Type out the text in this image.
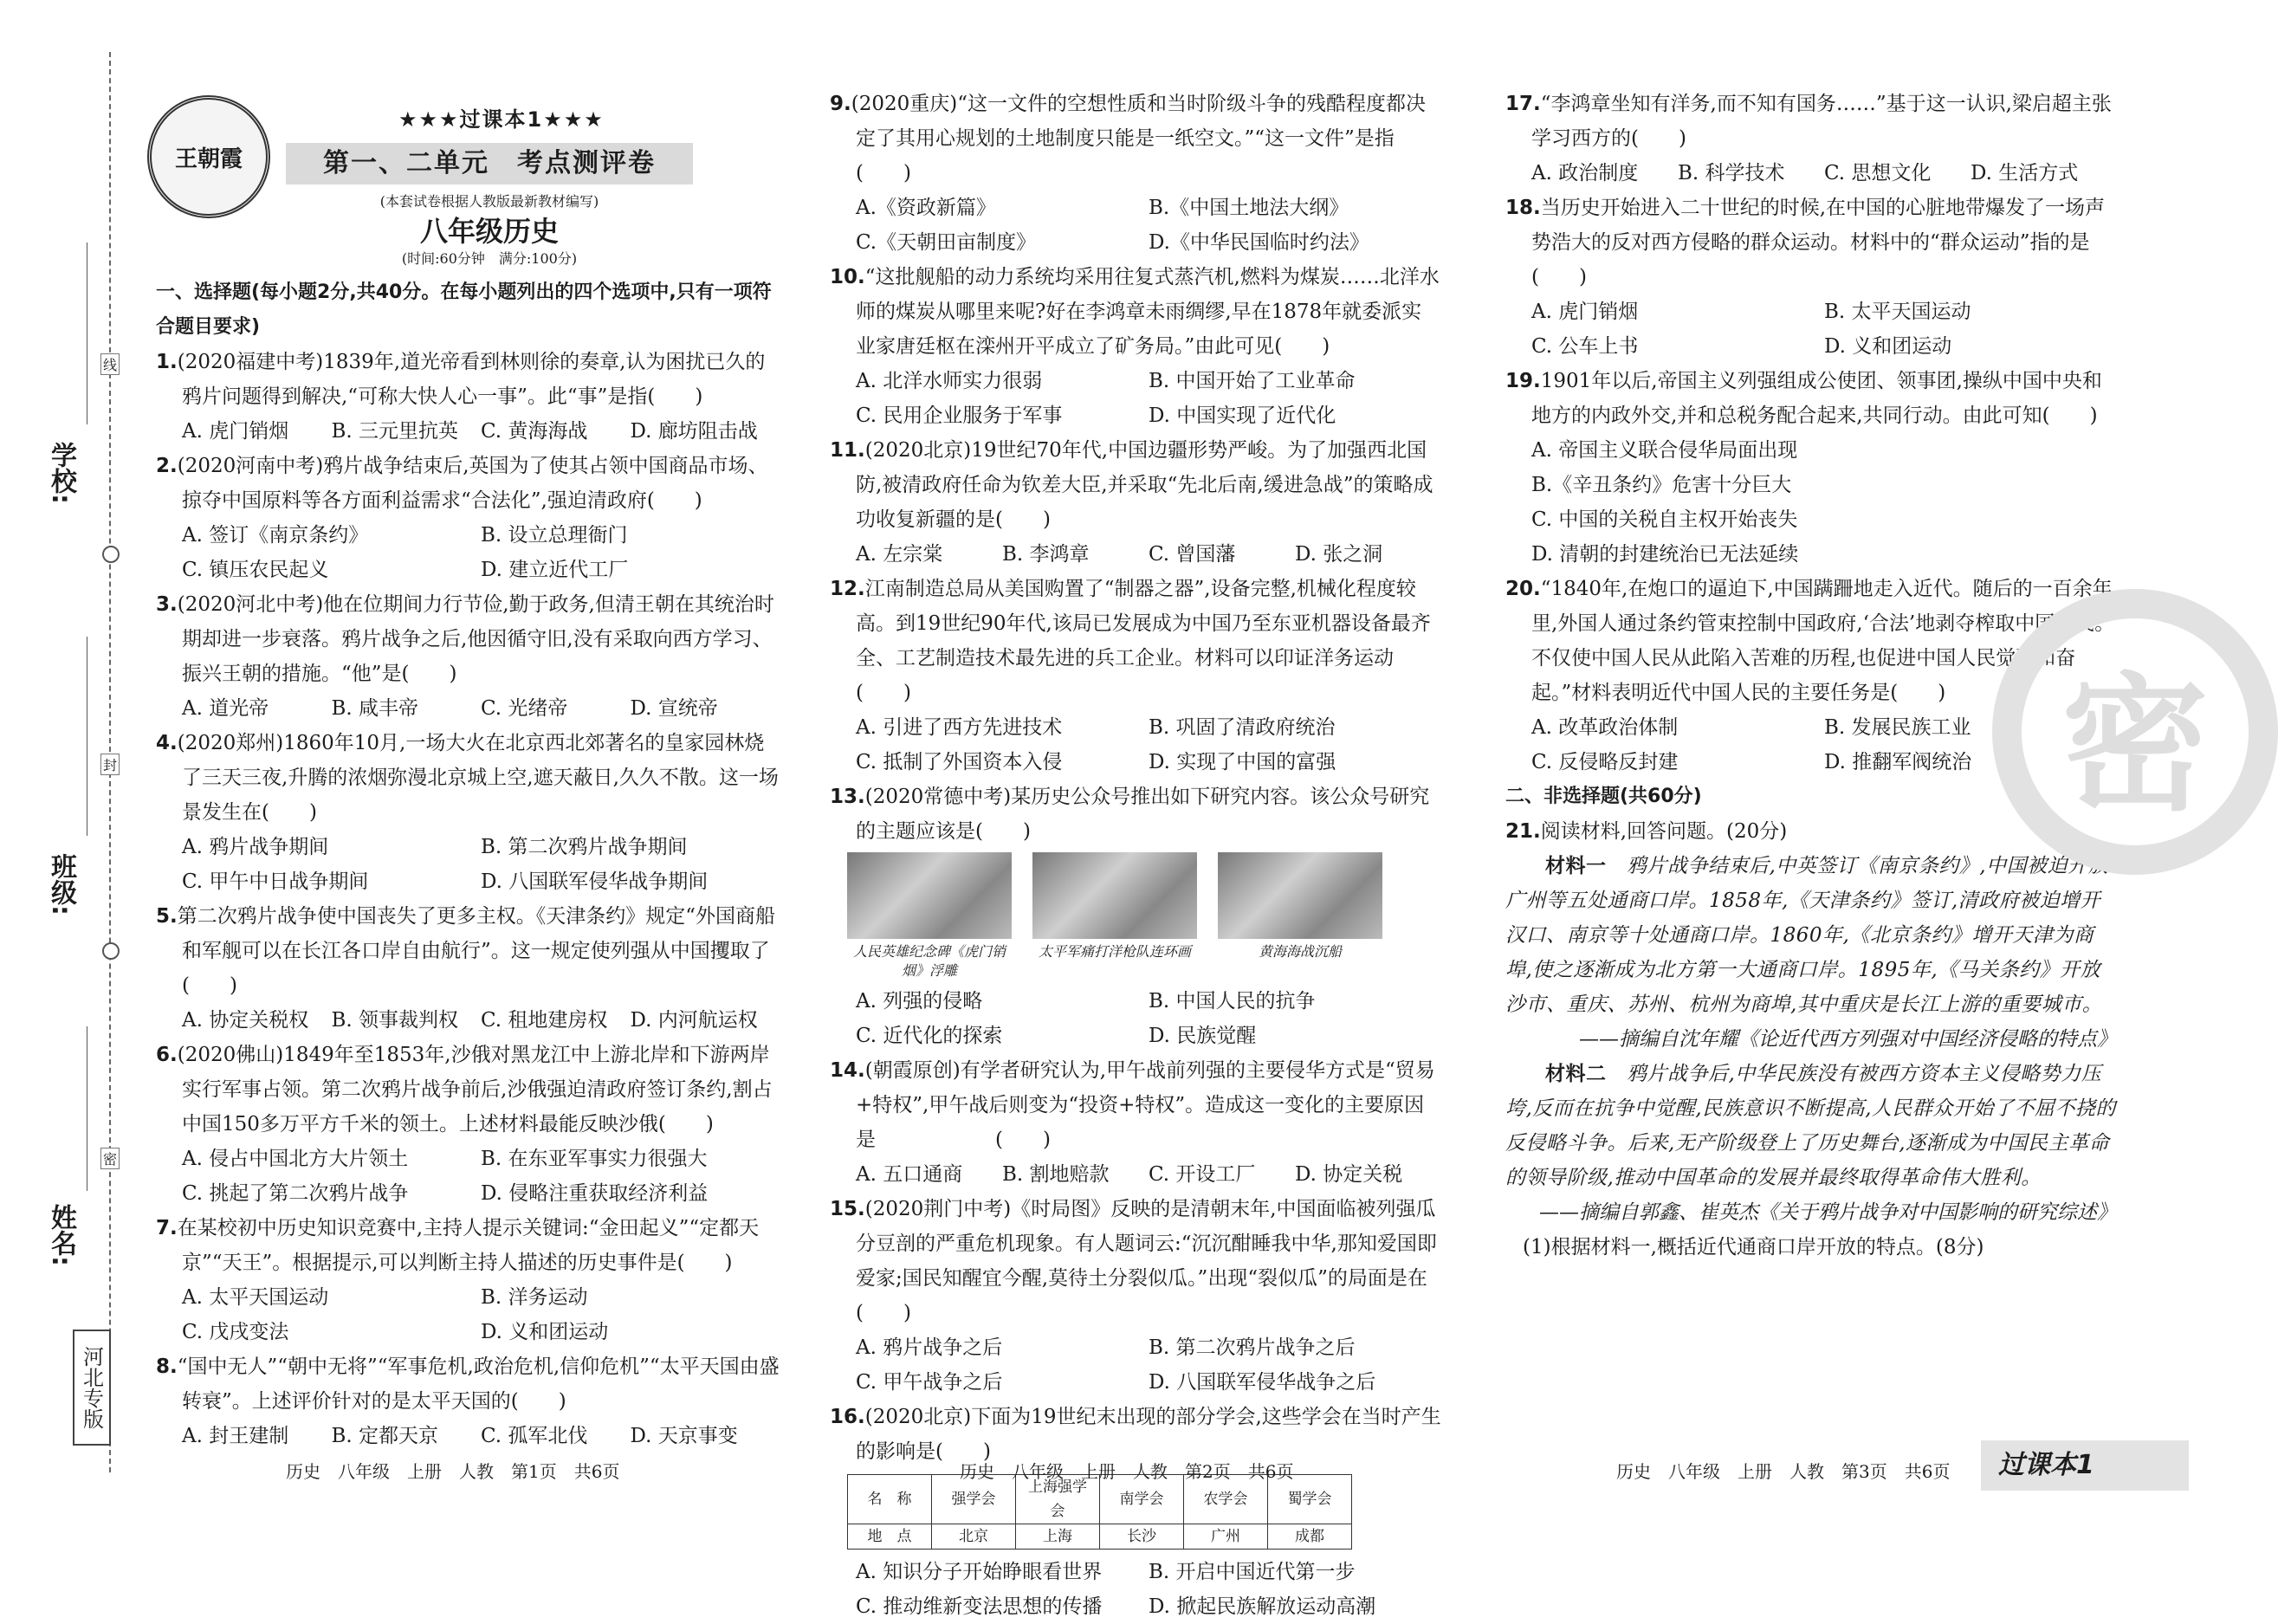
学校:
班级:
姓名:
线
封
密
河北专版
王朝霞
★★★过课本1★★★
第一、二单元　考点测评卷
(本套试卷根据人教版最新教材编写)
八年级历史
(时间:60分钟　满分:100分)

一、选择题(每小题2分,共40分。在每小题列出的四个选项中,只有一项符合题目要求)

1.(2020福建中考)1839年,道光帝看到林则徐的奏章,认为困扰已久的鸦片问题得到解决,“可称大快人心一事”。此“事”是指(　　)

A. 虎门销烟	B. 三元里抗英	C. 黄海海战	D. 廊坊阻击战

2.(2020河南中考)鸦片战争结束后,英国为了使其占领中国商品市场、掠夺中国原料等各方面利益需求“合法化”,强迫清政府(　　)

A. 签订《南京条约》	B. 设立总理衙门
C. 镇压农民起义	D. 建立近代工厂

3.(2020河北中考)他在位期间力行节俭,勤于政务,但清王朝在其统治时期却进一步衰落。鸦片战争之后,他因循守旧,没有采取向西方学习、振兴王朝的措施。“他”是(　　)

A. 道光帝	B. 咸丰帝	C. 光绪帝	D. 宣统帝

4.(2020郑州)1860年10月,一场大火在北京西北郊著名的皇家园林烧了三天三夜,升腾的浓烟弥漫北京城上空,遮天蔽日,久久不散。这一场景发生在(　　)

A. 鸦片战争期间	B. 第二次鸦片战争期间
C. 甲午中日战争期间	D. 八国联军侵华战争期间

5.第二次鸦片战争使中国丧失了更多主权。《天津条约》规定“外国商船和军舰可以在长江各口岸自由航行”。这一规定使列强从中国攫取了(　　)

A. 协定关税权	B. 领事裁判权	C. 租地建房权	D. 内河航运权

6.(2020佛山)1849年至1853年,沙俄对黑龙江中上游北岸和下游两岸实行军事占领。第二次鸦片战争前后,沙俄强迫清政府签订条约,割占中国150多万平方千米的领土。上述材料最能反映沙俄(　　)

A. 侵占中国北方大片领土	B. 在东亚军事实力很强大
C. 挑起了第二次鸦片战争	D. 侵略注重获取经济利益

7.在某校初中历史知识竞赛中,主持人提示关键词:“金田起义”“定都天京”“天王”。根据提示,可以判断主持人描述的历史事件是(　　)

A. 太平天国运动	B. 洋务运动
C. 戊戌变法	D. 义和团运动

8.“国中无人”“朝中无将”“军事危机,政治危机,信仰危机”“太平天国由盛转衰”。上述评价针对的是太平天国的(　　)

A. 封王建制	B. 定都天京	C. 孤军北伐	D. 天京事变

9.(2020重庆)“这一文件的空想性质和当时阶级斗争的残酷程度都决定了其用心规划的土地制度只能是一纸空文。”“这一文件”是指(　　)

A.《资政新篇》	B.《中国土地法大纲》
C.《天朝田亩制度》	D.《中华民国临时约法》

10.“这批舰船的动力系统均采用往复式蒸汽机,燃料为煤炭……北洋水师的煤炭从哪里来呢?好在李鸿章未雨绸缪,早在1878年就委派实业家唐廷枢在滦州开平成立了矿务局。”由此可见(　　)

A. 北洋水师实力很弱	B. 中国开始了工业革命
C. 民用企业服务于军事	D. 中国实现了近代化

11.(2020北京)19世纪70年代,中国边疆形势严峻。为了加强西北国防,被清政府任命为钦差大臣,并采取“先北后南,缓进急战”的策略成功收复新疆的是(　　)

A. 左宗棠	B. 李鸿章	C. 曾国藩	D. 张之洞

12.江南制造总局从美国购置了“制器之器”,设备完整,机械化程度较高。到19世纪90年代,该局已发展成为中国乃至东亚机器设备最齐全、工艺制造技术最先进的兵工企业。材料可以印证洋务运动(　　)

A. 引进了西方先进技术	B. 巩固了清政府统治
C. 抵制了外国资本入侵	D. 实现了中国的富强

13.(2020常德中考)某历史公众号推出如下研究内容。该公众号研究的主题应该是(　　)

人民英雄纪念碑《虎门销烟》浮雕
太平军痛打洋枪队连环画	黄海海战沉船
A. 列强的侵略	B. 中国人民的抗争
C. 近代化的探索	D. 民族觉醒

14.(朝霞原创)有学者研究认为,甲午战前列强的主要侵华方式是“贸易+特权”,甲午战后则变为“投资+特权”。造成这一变化的主要原因是　　　　　　(　　)

A. 五口通商	B. 割地赔款	C. 开设工厂	D. 协定关税

15.(2020荆门中考)《时局图》反映的是清朝末年,中国面临被列强瓜分豆剖的严重危机现象。有人题词云:“沉沉酣睡我中华,那知爱国即爱家;国民知醒宜今醒,莫待土分裂似瓜。”出现“裂似瓜”的局面是在　　　　　　(　　)

A. 鸦片战争之后	B. 第二次鸦片战争之后
C. 甲午战争之后	D. 八国联军侵华战争之后

16.(2020北京)下面为19世纪末出现的部分学会,这些学会在当时产生的影响是(　　)

名　称	强学会	上海强学会	南学会	农学会	蜀学会
地　点	北京	上海	长沙	广州	成都
A. 知识分子开始睁眼看世界	B. 开启中国近代第一步
C. 推动维新变法思想的传播	D. 掀起民族解放运动高潮

17.“李鸿章坐知有洋务,而不知有国务……”基于这一认识,梁启超主张学习西方的(　　)

A. 政治制度	B. 科学技术	C. 思想文化	D. 生活方式

18.当历史开始进入二十世纪的时候,在中国的心脏地带爆发了一场声势浩大的反对西方侵略的群众运动。材料中的“群众运动”指的是(　　)

A. 虎门销烟	B. 太平天国运动
C. 公车上书	D. 义和团运动

19.1901年以后,帝国主义列强组成公使团、领事团,操纵中国中央和地方的内政外交,并和总税务配合起来,共同行动。由此可知(　　)

A. 帝国主义联合侵华局面出现
B.《辛丑条约》危害十分巨大
C. 中国的关税自主权开始丧失
D. 清朝的封建统治已无法延续

20.“1840年,在炮口的逼迫下,中国蹒跚地走入近代。随后的一百余年里,外国人通过条约管束控制中国政府,‘合法’地剥夺榨取中国人民。不仅使中国人民从此陷入苦难的历程,也促进中国人民觉醒和奋起。”材料表明近代中国人民的主要任务是(　　)

A. 改革政治体制	B. 发展民族工业
C. 反侵略反封建	D. 推翻军阀统治

二、非选择题(共60分)

21.阅读材料,回答问题。(20分)

材料一　 鸦片战争结束后,中英签订《南京条约》,中国被迫开放广州等五处通商口岸。1858年,《天津条约》签订,清政府被迫增开汉口、南京等十处通商口岸。1860年,《北京条约》增开天津为商埠,使之逐渐成为北方第一大通商口岸。1895年,《马关条约》开放沙市、重庆、苏州、杭州为商埠,其中重庆是长江上游的重要城市。

——摘编自沈年耀《论近代西方列强对中国经济侵略的特点》

材料二　 鸦片战争后,中华民族没有被西方资本主义侵略势力压垮,反而在抗争中觉醒,民族意识不断提高,人民群众开始了不屈不挠的反侵略斗争。后来,无产阶级登上了历史舞台,逐渐成为中国民主革命的领导阶级,推动中国革命的发展并最终取得革命伟大胜利。

——摘编自郭鑫、崔英杰《关于鸦片战争对中国影响的研究综述》

(1)根据材料一,概括近代通商口岸开放的特点。(8分)

密
历史　八年级　上册　人教　第1页　共6页	历史　八年级　上册　人教　第2页　共6页	历史　八年级　上册　人教　第3页　共6页	过课本1
